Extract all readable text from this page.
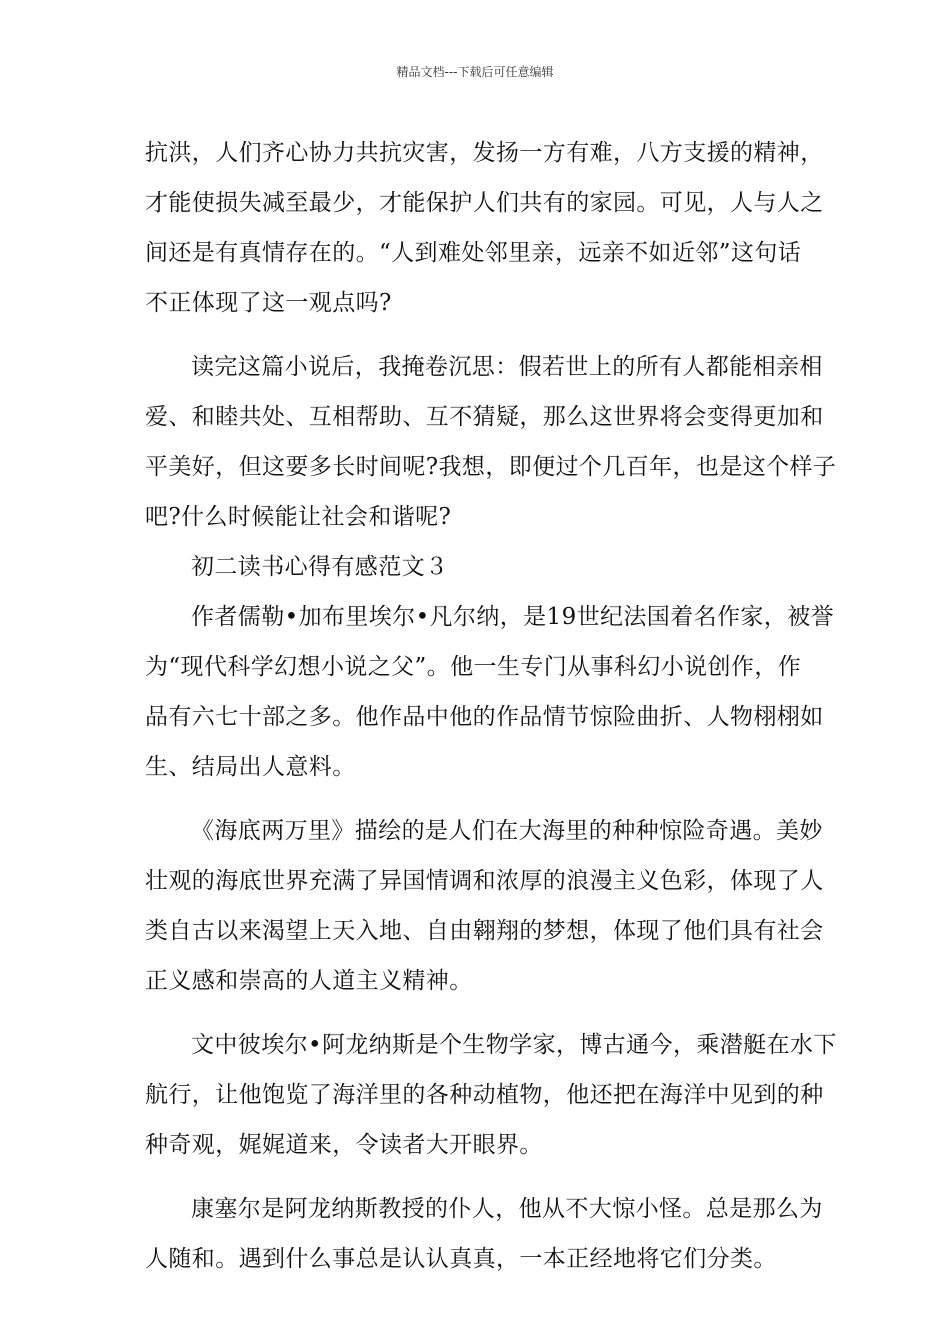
精品文档---下载后可任意编辑
抗洪，人们齐心协力共抗灾害，发扬一方有难，八方支援的精神，
才能使损失减至最少，才能保护人们共有的家园。可见，人与人之
间还是有真情存在的。“人到难处邻里亲，远亲不如近邻”这句话
不正体现了这一观点吗?
读完这篇小说后，我掩卷沉思：假若世上的所有人都能相亲相
爱、和睦共处、互相帮助、互不猜疑，那么这世界将会变得更加和
平美好，但这要多长时间呢?我想，即便过个几百年，也是这个样子
吧?什么时候能让社会和谐呢?
初二读书心得有感范文３
作者儒勒•加布里埃尔•凡尔纳，是19世纪法国着名作家，被誉
为“现代科学幻想小说之父”。他一生专门从事科幻小说创作，作
品有六七十部之多。他作品中他的作品情节惊险曲折、人物栩栩如
生、结局出人意料。
《海底两万里》描绘的是人们在大海里的种种惊险奇遇。美妙
壮观的海底世界充满了异国情调和浓厚的浪漫主义色彩，体现了人
类自古以来渴望上天入地、自由翱翔的梦想，体现了他们具有社会
正义感和崇高的人道主义精神。
文中彼埃尔•阿龙纳斯是个生物学家，博古通今，乘潜艇在水下
航行，让他饱览了海洋里的各种动植物，他还把在海洋中见到的种
种奇观，娓娓道来，令读者大开眼界。
康塞尔是阿龙纳斯教授的仆人，他从不大惊小怪。总是那么为
人随和。遇到什么事总是认认真真，一本正经地将它们分类。
